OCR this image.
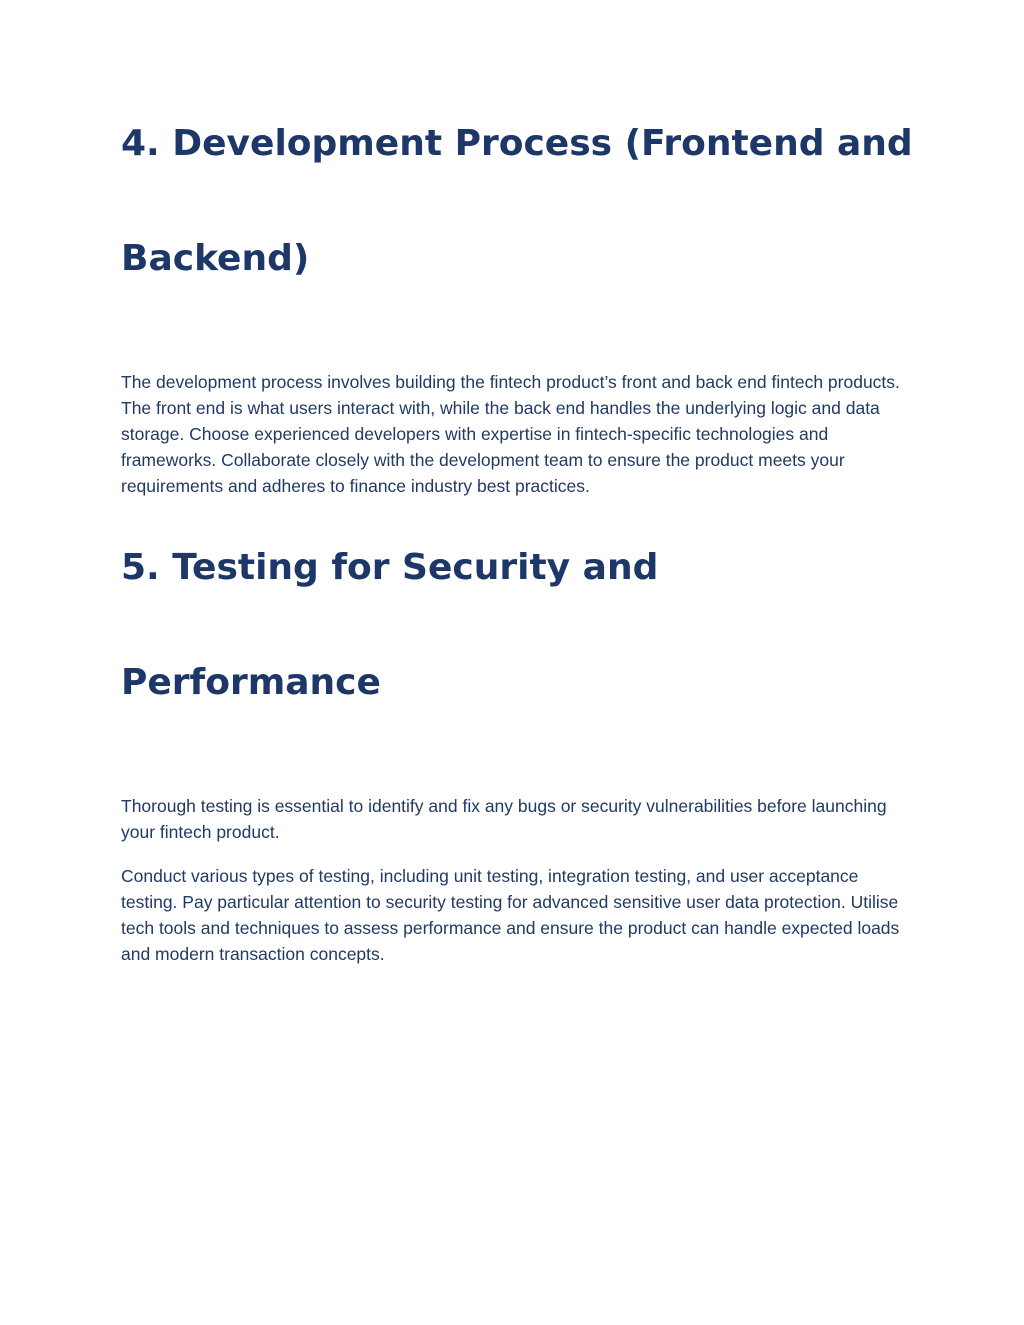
4. Development Process (Frontend and
Backend)

The development process involves building the fintech product’s front and back end fintech products. The front end is what users interact with, while the back end handles the underlying logic and data storage. Choose experienced developers with expertise in fintech-specific technologies and frameworks. Collaborate closely with the development team to ensure the product meets your requirements and adheres to finance industry best practices.

5. Testing for Security and
Performance

Thorough testing is essential to identify and fix any bugs or security vulnerabilities before launching your fintech product.

Conduct various types of testing, including unit testing, integration testing, and user acceptance testing. Pay particular attention to security testing for advanced sensitive user data protection. Utilise tech tools and techniques to assess performance and ensure the product can handle expected loads and modern transaction concepts.
